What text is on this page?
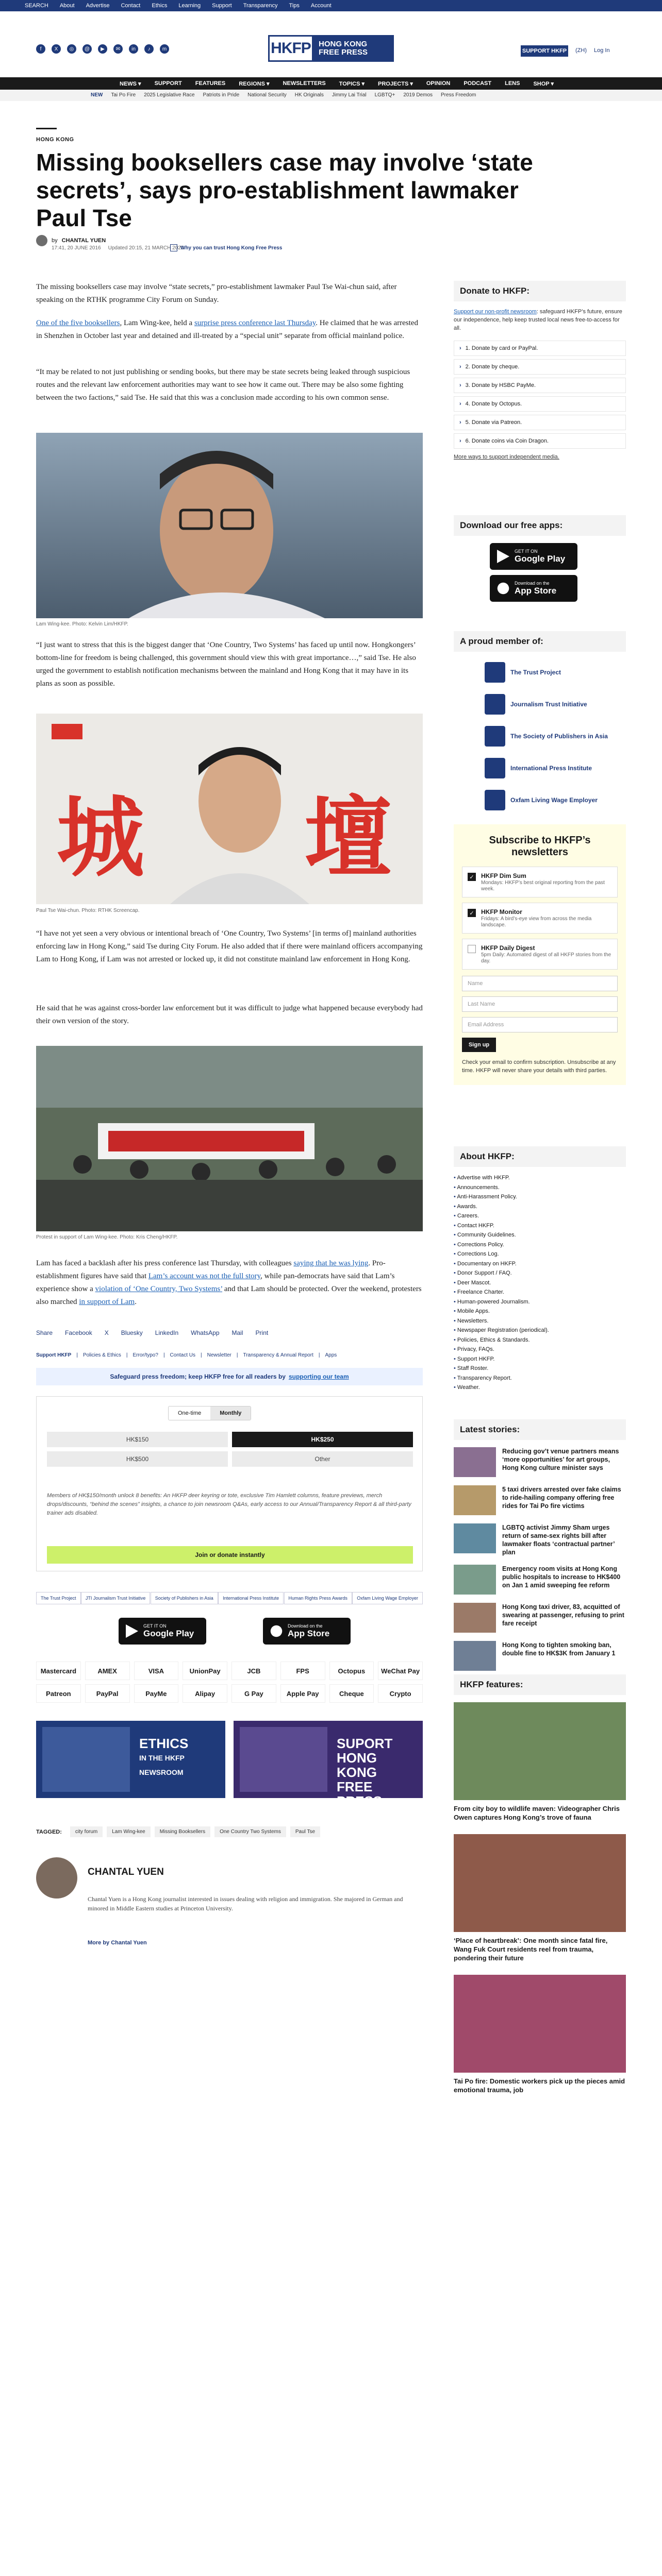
SEARCH About Advertise Contact Ethics Learning Support Transparency Tips Account
f	X	◎	@	▶	✉	in	♪	m	HKFP	HONG KONG
FREE PRESS	SUPPORT HKFP (ZH) Log In
NEWS ▾ SUPPORT FEATURES REGIONS ▾ NEWSLETTERS TOPICS ▾ PROJECTS ▾ OPINION PODCAST LENS SHOP ▾
NEW Tai Po Fire 2025 Legislative Race Patriots in Pride National Security HK Originals Jimmy Lai Trial LGBTQ+ 2019 Demos Press Freedom
HONG KONG
Missing booksellers case may involve ‘state secrets’, says pro-establishment lawmaker Paul Tse
by CHANTAL YUEN
17:41, 20 JUNE 2016 Updated 20:15, 21 MARCH 2020
Why you can trust Hong Kong Free Press

The missing booksellers case may involve “state secrets,” pro-establishment lawmaker Paul Tse Wai-chun said, after speaking on the RTHK programme City Forum on Sunday.

One of the five booksellers, Lam Wing-kee, held a surprise press conference last Thursday. He claimed that he was arrested in Shenzhen in October last year and detained and ill-treated by a “special unit” separate from official mainland police.

“It may be related to not just publishing or sending books, but there may be state secrets being leaked through suspicious routes and the relevant law enforcement authorities may want to see how it came out. There may be also some fighting between the two factions,” said Tse. He said that this was a conclusion made according to his own common sense.

Lam Wing-kee. Photo: Kelvin Lim/HKFP.

“I just want to stress that this is the biggest danger that ‘One Country, Two Systems’ has faced up until now. Hongkongers’ bottom-line for freedom is being challenged, this government should view this with great importance…,” said Tse. He also urged the government to establish notification mechanisms between the mainland and Hong Kong that it may have in its plans as soon as possible.

城 壇
Paul Tse Wai-chun. Photo: RTHK Screencap.

“I have not yet seen a very obvious or intentional breach of ‘One Country, Two Systems’ [in terms of] mainland authorities enforcing law in Hong Kong,” said Tse during City Forum. He also added that if there were mainland officers accompanying Lam to Hong Kong, if Lam was not arrested or locked up, it did not constitute mainland law enforcement in Hong Kong.

He said that he was against cross-border law enforcement but it was difficult to judge what happened because everybody had their own version of the story.

Protest in support of Lam Wing-kee. Photo: Kris Cheng/HKFP.

Lam has faced a backlash after his press conference last Thursday, with colleagues saying that he was lying. Pro-establishment figures have said that Lam’s account was not the full story, while pan-democrats have said that Lam’s experience show a violation of ‘One Country, Two Systems’ and that Lam should be protected. Over the weekend, protesters also marched in support of Lam.

Share Facebook X Bluesky LinkedIn WhatsApp Mail Print
Support HKFP | Policies & Ethics | Error/typo? | Contact Us | Newsletter | Transparency & Annual Report | Apps
Safeguard press freedom; keep HKFP free for all readers by supporting our team
One-time	Monthly
HK$150	HK$250
HK$500	Other

Members of HK$150/month unlock 8 benefits: An HKFP deer keyring or tote, exclusive Tim Hamlett columns, feature previews, merch drops/discounts, “behind the scenes” insights, a chance to join newsroom Q&As, early access to our Annual/Transparency Report & all third-party trainer ads disabled.

Join or donate instantly
The Trust Project	JTI Journalism Trust Initiative	Society of Publishers in Asia	International Press Institute	Human Rights Press Awards	Oxfam Living Wage Employer
GET IT ON
Google Play
Download on the
App Store
Mastercard	AMEX	VISA	UnionPay	JCB	FPS	Octopus	WeChat Pay
Patreon	PayPal	PayMe	Alipay	G Pay	Apple Pay	Cheque	Crypto
ETHICS
IN THE HKFP
NEWSROOM
SUPORT HONG
KONG FREE
PRESS
TAGGED:	city forum	Lam Wing-kee	Missing Booksellers	One Country Two Systems	Paul Tse
CHANTAL YUEN

Chantal Yuen is a Hong Kong journalist interested in issues dealing with religion and immigration. She majored in German and minored in Middle Eastern studies at Princeton University.

More by Chantal Yuen
Donate to HKFP:

Support our non-profit newsroom: safeguard HKFP’s future, ensure our independence, help keep trusted local news free-to-access for all.

› 1. Donate by card or PayPal.
› 2. Donate by cheque.
› 3. Donate by HSBC PayMe.
› 4. Donate by Octopus.
› 5. Donate via Patreon.
› 6. Donate coins via Coin Dragon.
More ways to support independent media.
Download our free apps:
GET IT ON
Google Play
Download on the
App Store
A proud member of:
The Trust Project
Journalism Trust Initiative
The Society of Publishers in Asia
International Press Institute
Oxfam Living Wage Employer
Subscribe to HKFP’s newsletters
✓ HKFP Dim Sum
Mondays: HKFP’s best original reporting from the past week.
✓ HKFP Monitor
Fridays: A bird’s-eye view from across the media landscape.
HKFP Daily Digest
5pm Daily: Automated digest of all HKFP stories from the day.
Name
Last Name
Email Address
Sign up

Check your email to confirm subscription. Unsubscribe at any time. HKFP will never share your details with third parties.

About HKFP:
• Advertise with HKFP.
• Announcements.
• Anti-Harassment Policy.
• Awards.
• Careers.
• Contact HKFP.
• Community Guidelines.
• Corrections Policy.
• Corrections Log.
• Documentary on HKFP.
• Donor Support / FAQ.
• Deer Mascot.
• Freelance Charter.
• Human-powered Journalism.
• Mobile Apps.
• Newsletters.
• Newspaper Registration (periodical).
• Policies, Ethics & Standards.
• Privacy, FAQs.
• Support HKFP.
• Staff Roster.
• Transparency Report.
• Weather.
Latest stories:
Reducing gov’t venue partners means ‘more opportunities’ for art groups, Hong Kong culture minister says
5 taxi drivers arrested over fake claims to ride-hailing company offering free rides for Tai Po fire victims
LGBTQ activist Jimmy Sham urges return of same-sex rights bill after lawmaker floats ‘contractual partner’ plan
Emergency room visits at Hong Kong public hospitals to increase to HK$400 on Jan 1 amid sweeping fee reform
Hong Kong taxi driver, 83, acquitted of swearing at passenger, refusing to print fare receipt
Hong Kong to tighten smoking ban, double fine to HK$3K from January 1
HKFP features:
From city boy to wildlife maven: Videographer Chris Owen captures Hong Kong’s trove of fauna
‘Place of heartbreak’: One month since fatal fire, Wang Fuk Court residents reel from trauma, pondering their future
Tai Po fire: Domestic workers pick up the pieces amid emotional trauma, job
